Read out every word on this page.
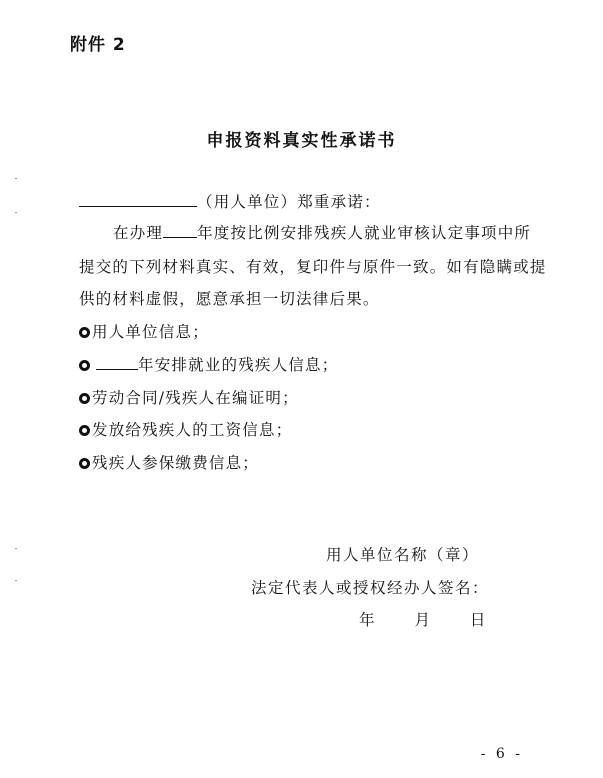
附件 2
申报资料真实性承诺书
（用人单位）郑重承诺：
在办理 年度按比例安排残疾人就业审核认定事项中所
提交的下列材料真实、有效，复印件与原件一致。如有隐瞒或提
供的材料虚假，愿意承担一切法律后果。
用人单位信息；
年安排就业的残疾人信息；
劳动合同/残疾人在编证明；
发放给残疾人的工资信息；
残疾人参保缴费信息；
用人单位名称（章）
法定代表人或授权经办人签名：
年 月 日
- 6 -
